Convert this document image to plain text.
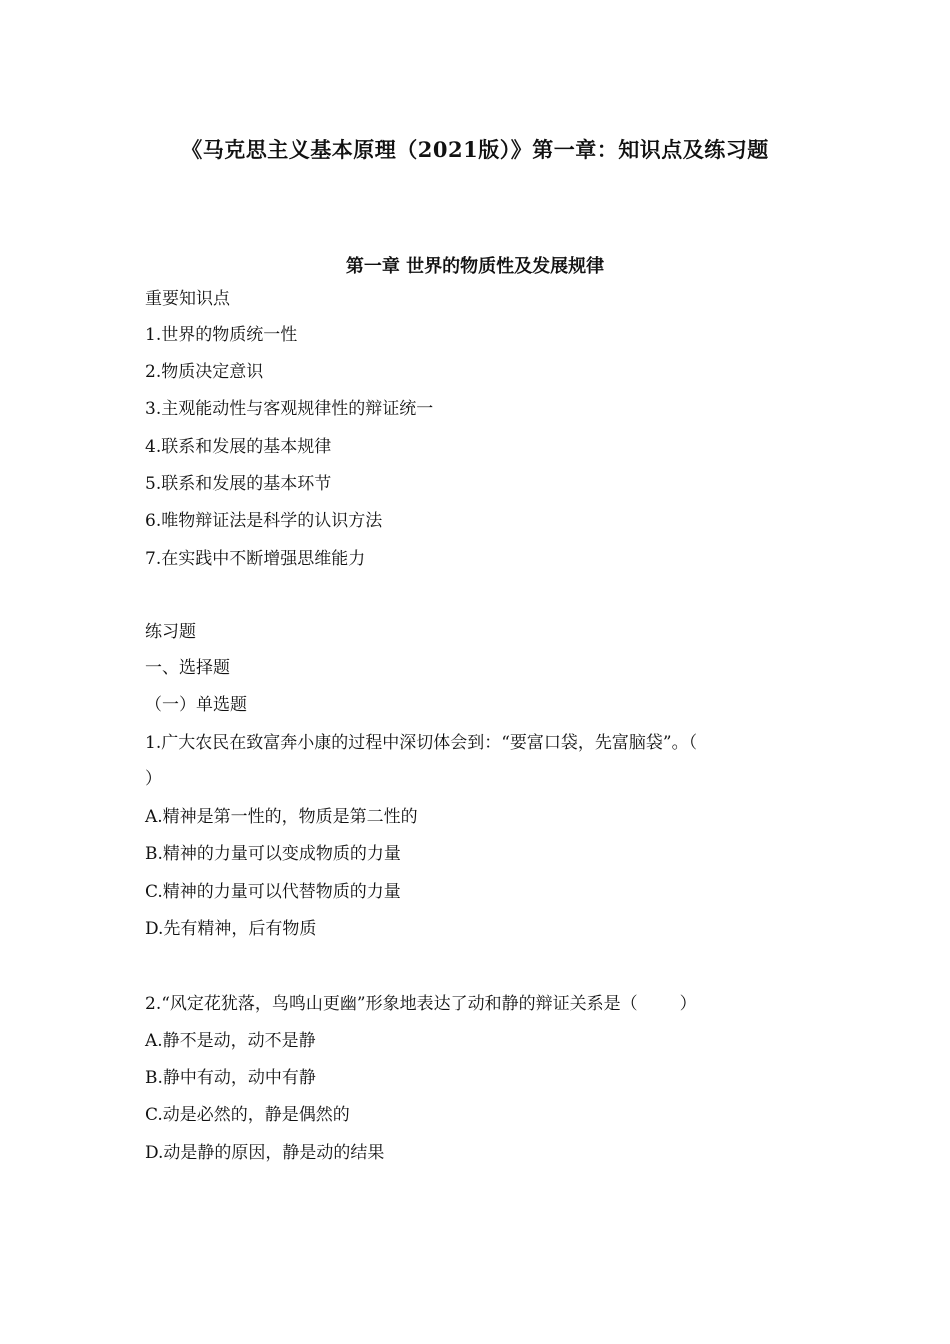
《马克思主义基本原理（2021版）》第一章：知识点及练习题
第一章 世界的物质性及发展规律

重要知识点

1.世界的物质统一性

2.物质决定意识

3.主观能动性与客观规律性的辩证统一

4.联系和发展的基本规律

5.联系和发展的基本环节

6.唯物辩证法是科学的认识方法

7.在实践中不断增强思维能力

练习题

一、选择题

（一）单选题

1.广大农民在致富奔小康的过程中深切体会到：“要富口袋，先富脑袋”。（

）

A.精神是第一性的，物质是第二性的

B.精神的力量可以变成物质的力量

C.精神的力量可以代替物质的力量

D.先有精神，后有物质

2.“风定花犹落，鸟鸣山更幽”形象地表达了动和静的辩证关系是（ ）

A.静不是动，动不是静

B.静中有动，动中有静

C.动是必然的，静是偶然的

D.动是静的原因，静是动的结果
